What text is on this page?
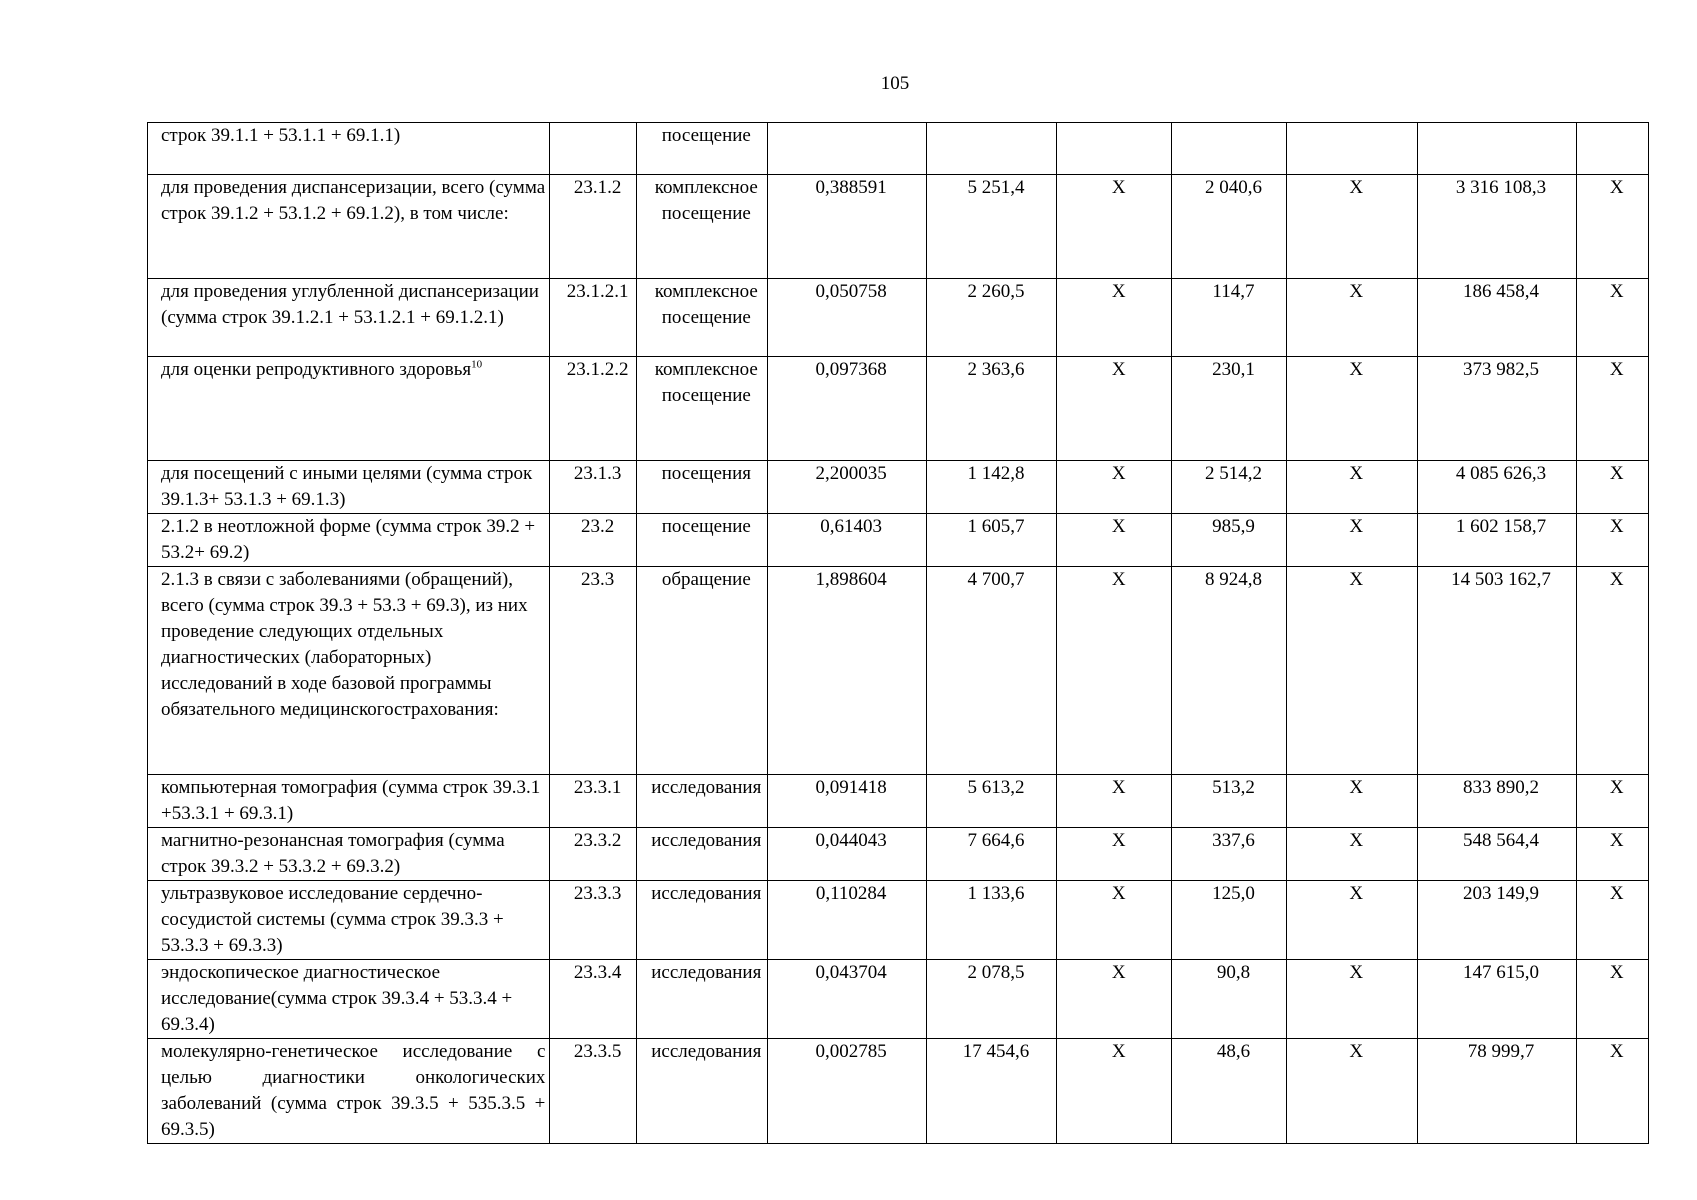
105
строк 39.1.1 + 53.1.1 + 69.1.1)		посещение							
для проведения диспансеризации, всего (сумма строк 39.1.2 + 53.1.2 + 69.1.2), в том числе:	23.1.2	комплексное посещение	0,388591	5 251,4	Х	2 040,6	Х	3 316 108,3	Х
для проведения углубленной диспансеризации (сумма строк 39.1.2.1 + 53.1.2.1 + 69.1.2.1)	23.1.2.1	комплексное посещение	0,050758	2 260,5	Х	114,7	Х	186 458,4	Х
для оценки репродуктивного здоровья$^{10}$	23.1.2.2	комплексное посещение	0,097368	2 363,6	Х	230,1	Х	373 982,5	Х
для посещений с иными целями (сумма строк 39.1.3+ 53.1.3 + 69.1.3)	23.1.3	посещения	2,200035	1 142,8	Х	2 514,2	Х	4 085 626,3	Х
2.1.2 в неотложной форме (сумма строк 39.2 + 53.2+ 69.2)	23.2	посещение	0,61403	1 605,7	Х	985,9	Х	1 602 158,7	Х
2.1.3 в связи с заболеваниями (обращений), всего (сумма строк 39.3 + 53.3 + 69.3), из них проведение следующих отдельных диагностических (лабораторных) исследований в ходе базовой программы обязательного медицинскогострахования:	23.3	обращение	1,898604	4 700,7	Х	8 924,8	Х	14 503 162,7	Х
компьютерная томография (сумма строк 39.3.1 +53.3.1 + 69.3.1)	23.3.1	исследования	0,091418	5 613,2	Х	513,2	Х	833 890,2	Х
магнитно-резонансная томография (сумма строк 39.3.2 + 53.3.2 + 69.3.2)	23.3.2	исследования	0,044043	7 664,6	Х	337,6	Х	548 564,4	Х
ультразвуковое исследование сердечно-сосудистой системы (сумма строк 39.3.3 + 53.3.3 + 69.3.3)	23.3.3	исследования	0,110284	1 133,6	Х	125,0	Х	203 149,9	Х
эндоскопическое диагностическое исследование(сумма строк 39.3.4 + 53.3.4 + 69.3.4)	23.3.4	исследования	0,043704	2 078,5	Х	90,8	Х	147 615,0	Х
молекулярно-генетическое исследование с целью диагностики онкологических заболеваний (сумма строк 39.3.5 + 535.3.5 + 69.3.5)	23.3.5	исследования	0,002785	17 454,6	Х	48,6	Х	78 999,7	Х
